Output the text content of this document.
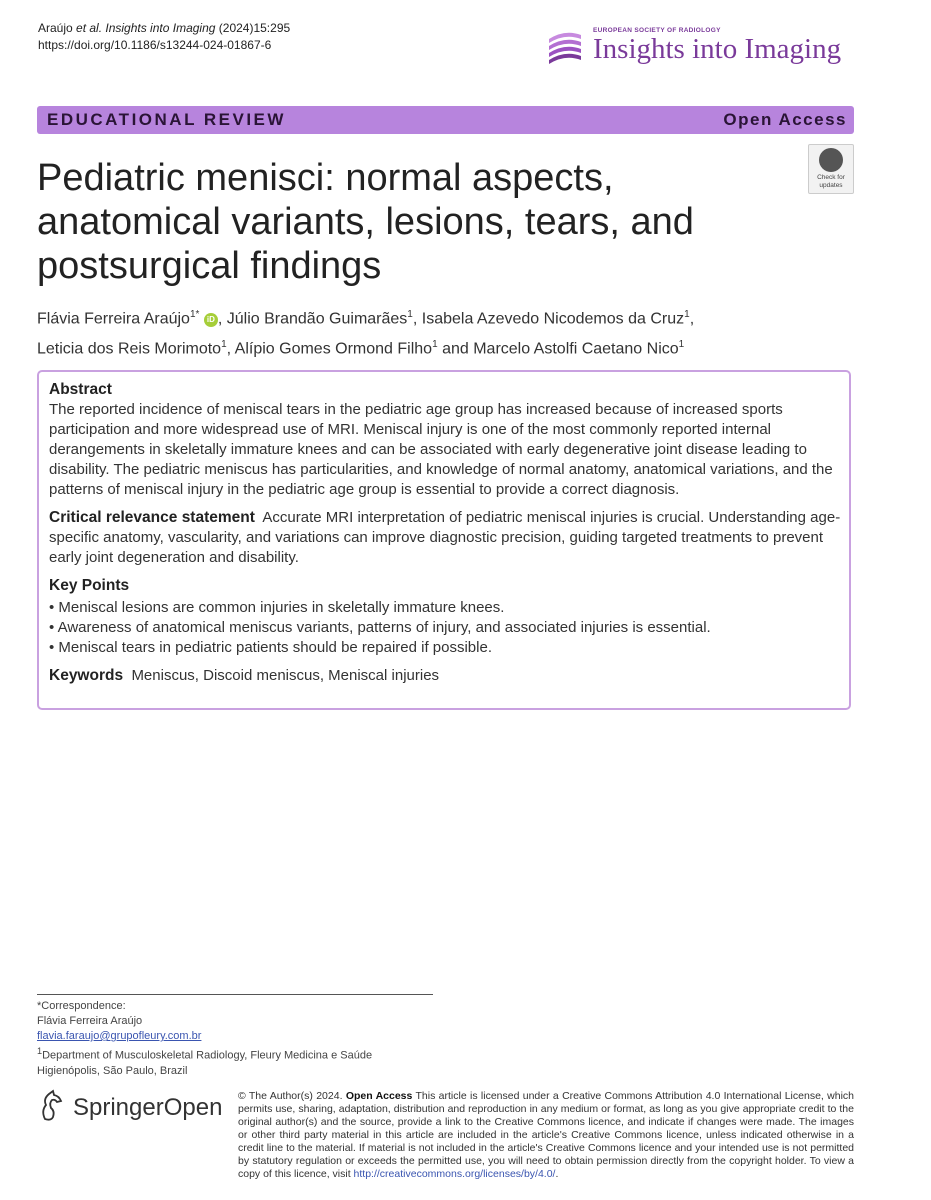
Araújo et al. Insights into Imaging (2024)15:295
https://doi.org/10.1186/s13244-024-01867-6
EUROPEAN SOCIETY OF RADIOLOGY
Insights into Imaging
EDUCATIONAL REVIEW	Open Access
Check for
updates
Pediatric menisci: normal aspects, anatomical variants, lesions, tears, and postsurgical findings
Flávia Ferreira Araújo$^{1*}$ iD , Júlio Brandão Guimarães$^1$, Isabela Azevedo Nicodemos da Cruz$^1$,
Leticia dos Reis Morimoto$^1$, Alípio Gomes Ormond Filho$^1$ and Marcelo Astolfi Caetano Nico$^1$
Abstract

The reported incidence of meniscal tears in the pediatric age group has increased because of increased sports participation and more widespread use of MRI. Meniscal injury is one of the most commonly reported internal derangements in skeletally immature knees and can be associated with early degenerative joint disease leading to disability. The pediatric meniscus has particularities, and knowledge of normal anatomy, anatomical variations, and the patterns of meniscal injury in the pediatric age group is essential to provide a correct diagnosis.

Critical relevance statement Accurate MRI interpretation of pediatric meniscal injuries is crucial. Understanding age-specific anatomy, vascularity, and variations can improve diagnostic precision, guiding targeted treatments to prevent early joint degeneration and disability.

Key Points
• Meniscal lesions are common injuries in skeletally immature knees.
• Awareness of anatomical meniscus variants, patterns of injury, and associated injuries is essential.
• Meniscal tears in pediatric patients should be repaired if possible.

Keywords Meniscus, Discoid meniscus, Meniscal injuries

*Correspondence:
Flávia Ferreira Araújo
flavia.faraujo@grupofleury.com.br
$^1$Department of Musculoskeletal Radiology, Fleury Medicina e Saúde
Higienópolis, São Paulo, Brazil
SpringerOpen © The Author(s) 2024. Open Access This article is licensed under a Creative Commons Attribution 4.0 International License, which permits use, sharing, adaptation, distribution and reproduction in any medium or format, as long as you give appropriate credit to the original author(s) and the source, provide a link to the Creative Commons licence, and indicate if changes were made. The images or other third party material in this article are included in the article's Creative Commons licence, unless indicated otherwise in a credit line to the material. If material is not included in the article's Creative Commons licence and your intended use is not permitted by statutory regulation or exceeds the permitted use, you will need to obtain permission directly from the copyright holder. To view a copy of this licence, visit http://creativecommons.org/licenses/by/4.0/.
